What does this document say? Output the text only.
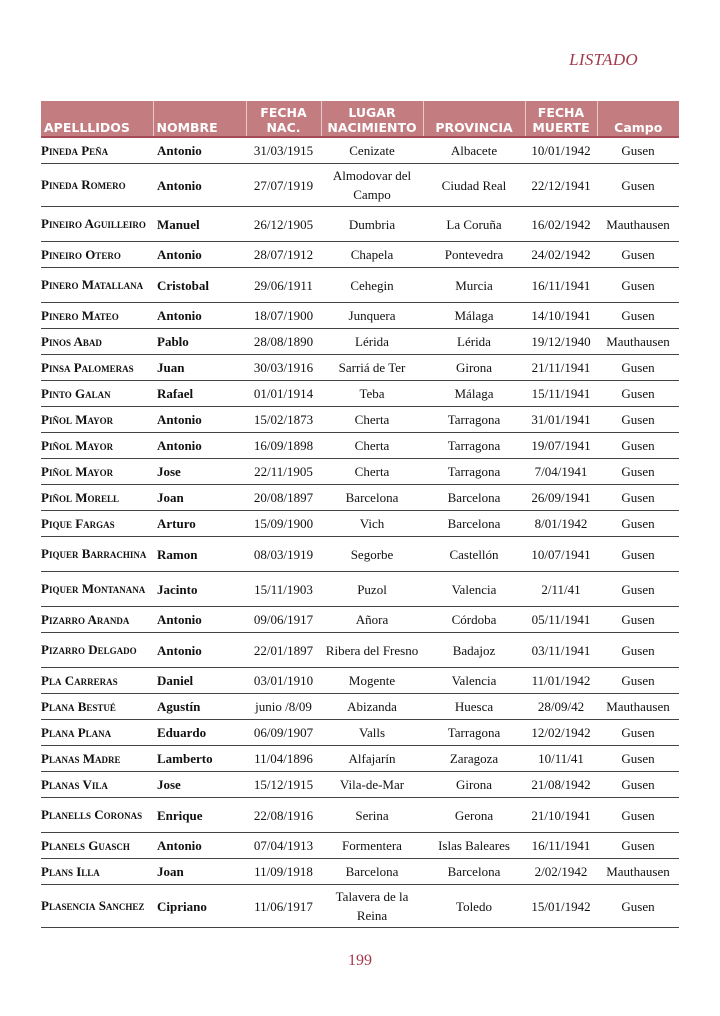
LISTADO
APELLLIDOS	NOMBRE	FECHA NAC.	LUGAR NACIMIENTO	PROVINCIA	FECHA MUERTE	Campo
Pineda Peña	Antonio	31/03/1915	Cenizate	Albacete	10/01/1942	Gusen
Pineda Romero	Antonio	27/07/1919	Almodovar del Campo	Ciudad Real	22/12/1941	Gusen
Pineiro Aguilleiro	Manuel	26/12/1905	Dumbria	La Coruña	16/02/1942	Mauthausen
Pineiro Otero	Antonio	28/07/1912	Chapela	Pontevedra	24/02/1942	Gusen
Pinero Matallana	Cristobal	29/06/1911	Cehegin	Murcia	16/11/1941	Gusen
Pinero Mateo	Antonio	18/07/1900	Junquera	Málaga	14/10/1941	Gusen
Pinos Abad	Pablo	28/08/1890	Lérida	Lérida	19/12/1940	Mauthausen
Pinsa Palomeras	Juan	30/03/1916	Sarriá de Ter	Girona	21/11/1941	Gusen
Pinto Galan	Rafael	01/01/1914	Teba	Málaga	15/11/1941	Gusen
Piñol Mayor	Antonio	15/02/1873	Cherta	Tarragona	31/01/1941	Gusen
Piñol Mayor	Antonio	16/09/1898	Cherta	Tarragona	19/07/1941	Gusen
Piñol Mayor	Jose	22/11/1905	Cherta	Tarragona	7/04/1941	Gusen
Piñol Morell	Joan	20/08/1897	Barcelona	Barcelona	26/09/1941	Gusen
Pique Fargas	Arturo	15/09/1900	Vich	Barcelona	8/01/1942	Gusen
Piquer Barrachina	Ramon	08/03/1919	Segorbe	Castellón	10/07/1941	Gusen
Piquer Montanana	Jacinto	15/11/1903	Puzol	Valencia	2/11/41	Gusen
Pizarro Aranda	Antonio	09/06/1917	Añora	Córdoba	05/11/1941	Gusen
Pizarro Delgado	Antonio	22/01/1897	Ribera del Fresno	Badajoz	03/11/1941	Gusen
Pla Carreras	Daniel	03/01/1910	Mogente	Valencia	11/01/1942	Gusen
Plana Bestué	Agustín	junio /8/09	Abizanda	Huesca	28/09/42	Mauthausen
Plana Plana	Eduardo	06/09/1907	Valls	Tarragona	12/02/1942	Gusen
Planas Madre	Lamberto	11/04/1896	Alfajarín	Zaragoza	10/11/41	Gusen
Planas Vila	Jose	15/12/1915	Vila-de-Mar	Girona	21/08/1942	Gusen
Planells Coronas	Enrique	22/08/1916	Serina	Gerona	21/10/1941	Gusen
Planels Guasch	Antonio	07/04/1913	Formentera	Islas Baleares	16/11/1941	Gusen
Plans Illa	Joan	11/09/1918	Barcelona	Barcelona	2/02/1942	Mauthausen
Plasencia Sanchez	Cipriano	11/06/1917	Talavera de la Reina	Toledo	15/01/1942	Gusen
199
